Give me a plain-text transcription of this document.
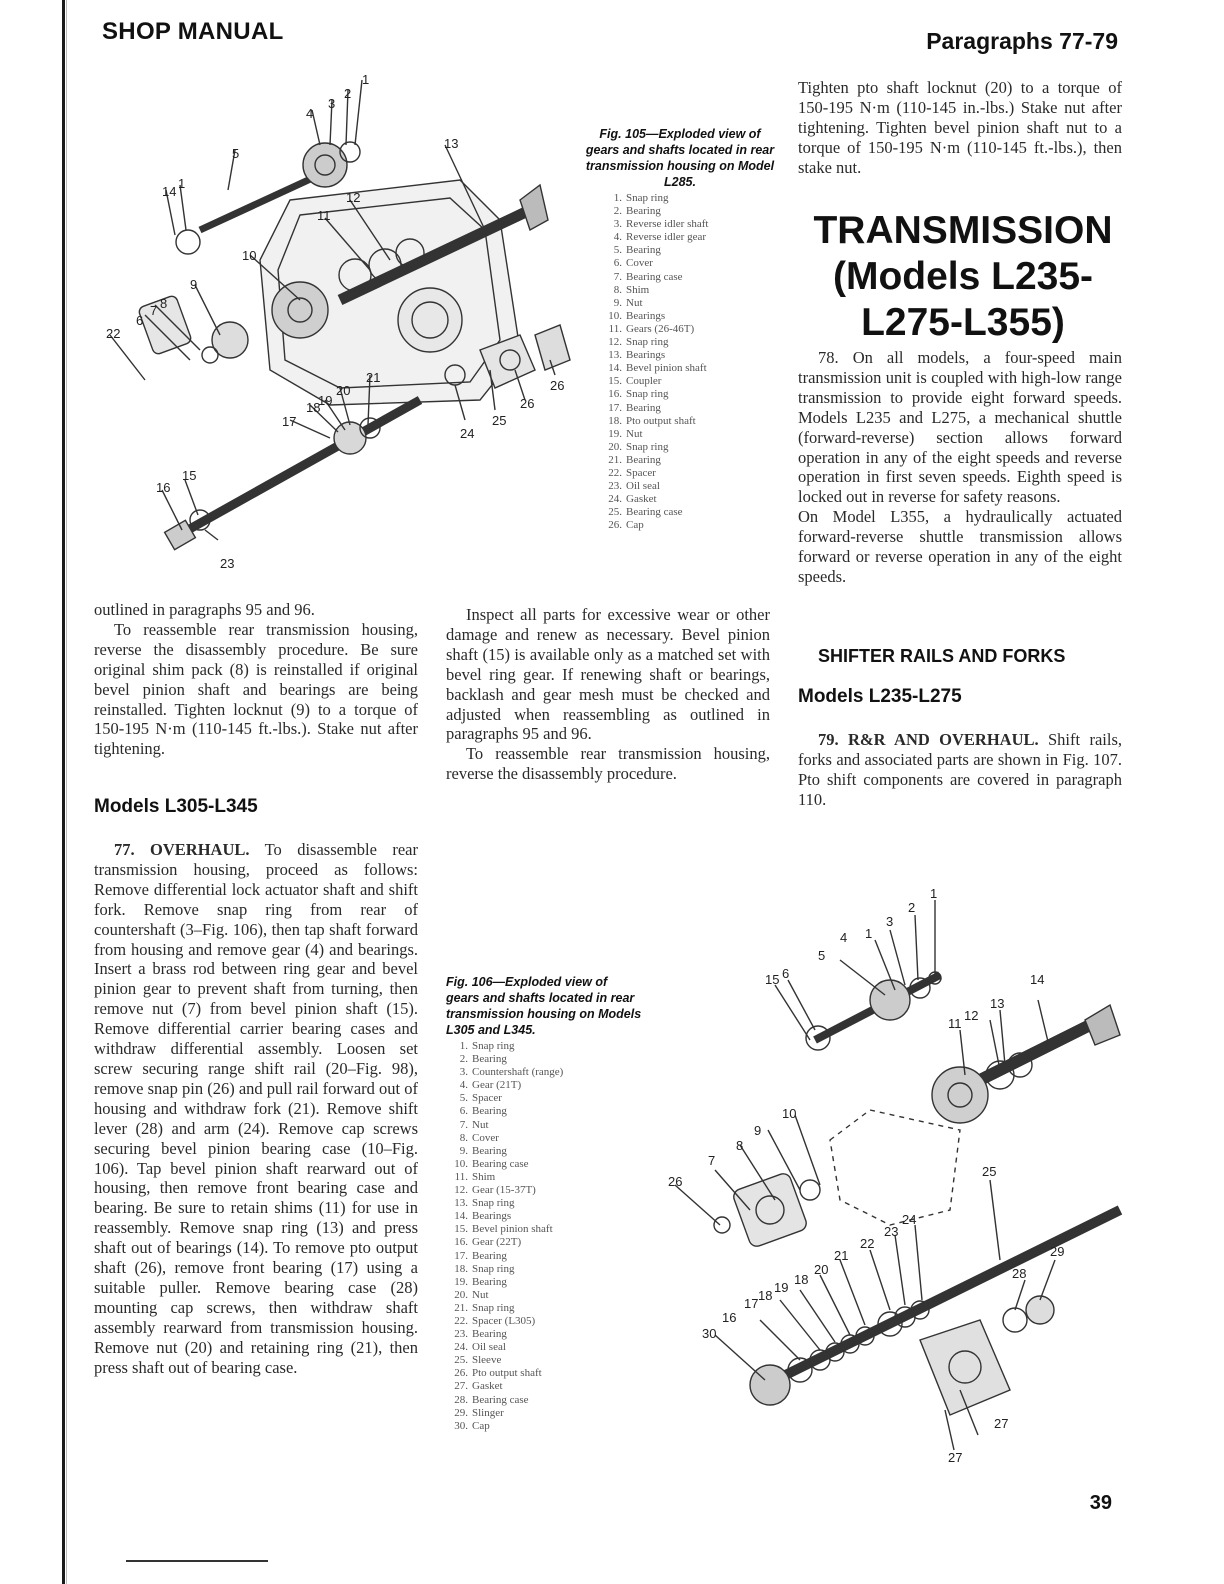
SHOP MANUAL	Paragraphs 77-79
1
2
3
4
5
1
14
13
12
11
10
9
8
7
6
22
21
20
19
18
17
15
16
23
24
25
26
26
Fig. 105—Exploded view of gears and shafts located in rear transmission housing on Model L285.
1. Snap ring
2. Bearing
3. Reverse idler shaft
4. Reverse idler gear
5. Bearing
6. Cover
7. Bearing case
8. Shim
9. Nut
10. Bearings
11. Gears (26-46T)
12. Snap ring
13. Bearings
14. Bevel pinion shaft
15. Coupler
16. Snap ring
17. Bearing
18. Pto output shaft
19. Nut
20. Snap ring
21. Bearing
22. Spacer
23. Oil seal
24. Gasket
25. Bearing case
26. Cap

outlined in paragraphs 95 and 96.

To reassemble rear transmission housing, reverse the disassembly procedure. Be sure original shim pack (8) is reinstalled if original bevel pinion shaft and bearings are being reinstalled. Tighten locknut (9) to a torque of 150-195 N·m (110-145 ft.-lbs.). Stake nut after tightening.

Models L305-L345

77. OVERHAUL. To disassemble rear transmission housing, proceed as follows: Remove differential lock actuator shaft and shift fork. Remove snap ring from rear of countershaft (3–Fig. 106), then tap shaft forward from housing and remove gear (4) and bearings. Insert a brass rod between ring gear and bevel pinion gear to prevent shaft from turning, then remove nut (7) from bevel pinion shaft (15). Remove differential carrier bearing cases and withdraw differential assembly. Loosen set screw securing range shift rail (20–Fig. 98), remove snap pin (26) and pull rail forward out of housing and withdraw fork (21). Remove shift lever (28) and arm (24). Remove cap screws securing bevel pinion bearing case (10–Fig. 106). Tap bevel pinion shaft rearward out of housing, then remove front bearing case and bearing. Be sure to retain shims (11) for use in reassembly. Remove snap ring (13) and press shaft out of bearings (14). To remove pto output shaft (26), remove front bearing (17) using a suitable puller. Remove bearing case (28) mounting cap screws, then withdraw shaft assembly rearward from transmission housing. Remove nut (20) and retaining ring (21), then press shaft out of bearing case.

Inspect all parts for excessive wear or other damage and renew as necessary. Bevel pinion shaft (15) is available only as a matched set with bevel ring gear. If renewing shaft or bearings, backlash and gear mesh must be checked and adjusted when reassembling as outlined in paragraphs 95 and 96.

To reassemble rear transmission housing, reverse the disassembly procedure.

Fig. 106—Exploded view of gears and shafts located in rear transmission housing on Models L305 and L345.
1. Snap ring
2. Bearing
3. Countershaft (range)
4. Gear (21T)
5. Spacer
6. Bearing
7. Nut
8. Cover
9. Bearing
10. Bearing case
11. Shim
12. Gear (15-37T)
13. Snap ring
14. Bearings
15. Bevel pinion shaft
16. Gear (22T)
17. Bearing
18. Snap ring
19. Bearing
20. Nut
21. Snap ring
22. Spacer (L305)
23. Bearing
24. Oil seal
25. Sleeve
26. Pto output shaft
27. Gasket
28. Bearing case
29. Slinger
30. Cap

Tighten pto shaft locknut (20) to a torque of 150-195 N·m (110-145 in.-lbs.) Stake nut after tightening. Tighten bevel pinion shaft nut to a torque of 150-195 N·m (110-145 ft.-lbs.), then stake nut.

TRANSMISSION (Models L235-L275-L355)

78. On all models, a four-speed main transmission unit is coupled with high-low range transmission to provide eight forward speeds. Models L235 and L275, a mechanical shuttle (forward-reverse) section allows forward operation in any of the eight speeds and reverse operation in first seven speeds. Eighth speed is locked out in reverse for safety reasons.

On Model L355, a hydraulically actuated forward-reverse shuttle transmission allows forward or reverse operation in any of the eight speeds.

SHIFTER RAILS AND FORKS
Models L235-L275

79. R&R AND OVERHAUL. Shift rails, forks and associated parts are shown in Fig. 107. Pto shift components are covered in paragraph 110.

1
2
3
1
4
5
6
15	14
13
12
11
10
9
8
7
26
25
24
23
22
21
20
18
19
18
17
16
30
29
28
27
27
39
